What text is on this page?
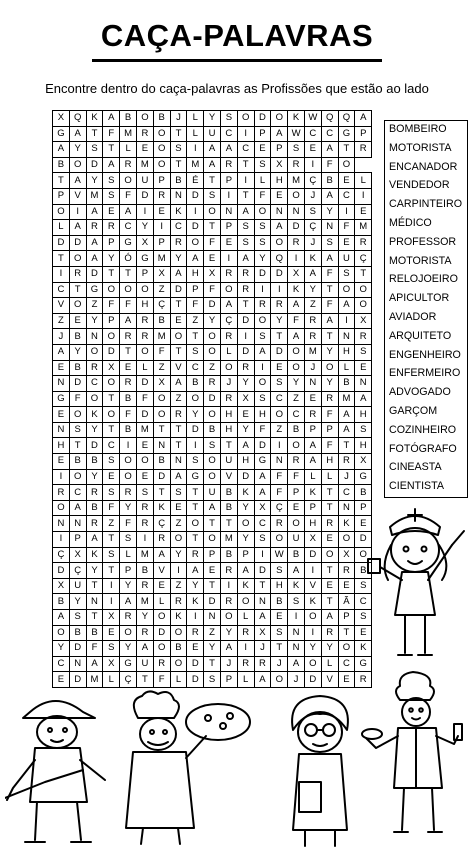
CAÇA-PALAVRAS
Encontre dentro do caça-palavras as Profissões que estão ao lado
X	Q	K	A	B	O	B	J	L	Y	S	O	D	O	K	W	Q	Q	A
G	A	T	F	M	R	O	T	L	U	C	I	P	A	W	C	C	G	P
A	Y	S	T	L	E	O	S	I	A	A	C	E	P	S	E	A	T	R
B	O	D	A	R	M	O	T	M	A	R	T	S	X	R	I	F	O	
T	A	Y	S	O	U	P	B	É	T	P	I	L	H	M	Ç	B	E	L
P	V	M	S	F	D	R	N	D	S	I	T	F	E	O	J	A	C	I
O	I	A	E	A	I	E	K	I	O	N	A	O	N	N	S	Y	I	E
L	A	R	R	C	Y	I	C	D	T	P	S	S	A	D	Ç	N	F	M
D	D	A	P	G	X	P	R	O	F	E	S	S	O	R	J	S	E	R
T	O	A	Y	Ó	G	M	Y	A	E	I	A	Y	Q	I	K	A	U	Ç
I	R	D	T	T	P	X	A	H	X	R	R	D	D	X	A	F	S	T
C	T	G	O	O	O	Z	D	P	F	O	R	I	I	K	Y	T	O	O
V	O	Z	F	F	H	Ç	T	F	D	A	T	R	R	A	Z	F	A	O
Z	E	Y	P	A	R	B	E	Z	Y	Ç	D	O	Y	F	R	A	I	X
J	B	N	O	R	R	M	O	T	O	R	I	S	T	A	R	T	N	R
A	Y	O	D	T	O	F	T	S	O	L	D	A	D	O	M	Y	H	S
E	B	R	X	E	L	Z	V	C	Z	O	R	I	E	O	J	O	L	E
N	D	C	O	R	D	X	A	B	R	J	Y	O	S	Y	N	Y	B	N
G	F	O	T	B	F	O	Z	O	D	R	X	S	C	Z	E	R	M	A
E	O	K	O	F	D	O	R	Y	O	H	E	H	O	C	R	F	A	H
N	S	Y	T	B	M	T	T	D	B	H	Y	F	Z	B	P	P	A	S
H	T	D	C	I	E	N	T	I	S	T	A	D	I	O	A	F	T	H
E	B	B	S	O	O	B	N	S	O	U	H	G	N	R	A	H	R	X
I	O	Y	E	O	E	D	A	G	O	V	D	A	F	F	L	L	J	G
R	C	R	S	R	S	T	S	T	U	B	K	A	F	P	K	T	C	B
O	A	B	F	Y	R	K	E	T	A	B	Y	X	Ç	E	P	T	N	P
N	N	R	Z	F	R	Ç	Z	O	T	T	O	C	R	O	H	R	K	E
I	P	A	T	S	I	R	O	T	O	M	Y	S	O	U	X	E	O	D
Ç	X	K	S	L	M	A	Y	R	P	B	P	I	W	B	D	O	X	O
D	Ç	Y	T	P	B	V	I	A	E	R	A	D	S	A	I	T	R	B
X	U	T	I	Y	R	E	Z	Y	T	I	K	T	H	K	V	E	E	S
B	Y	N	I	A	M	L	R	K	D	R	O	N	B	S	K	T	Ã	C
A	S	T	X	R	Y	O	K	I	N	O	L	A	E	I	O	A	P	S
O	B	B	E	O	R	D	O	R	Z	Y	R	X	S	N	I	R	T	E
Y	D	F	S	Y	A	O	B	E	Y	A	I	J	T	N	Y	Y	O	K
C	N	A	X	G	U	R	O	D	T	J	R	R	J	A	O	L	C	G
E	D	M	L	Ç	T	F	L	D	S	P	L	A	O	J	D	V	E	R
BOMBEIRO
MOTORISTA
ENCANADOR
VENDEDOR
CARPINTEIRO
MÉDICO
PROFESSOR
MOTORISTA
RELOJOEIRO
APICULTOR
AVIADOR
ARQUITETO
ENGENHEIRO
ENFERMEIRO
ADVOGADO
GARÇOM
COZINHEIRO
FOTÓGRAFO
CINEASTA
CIENTISTA
